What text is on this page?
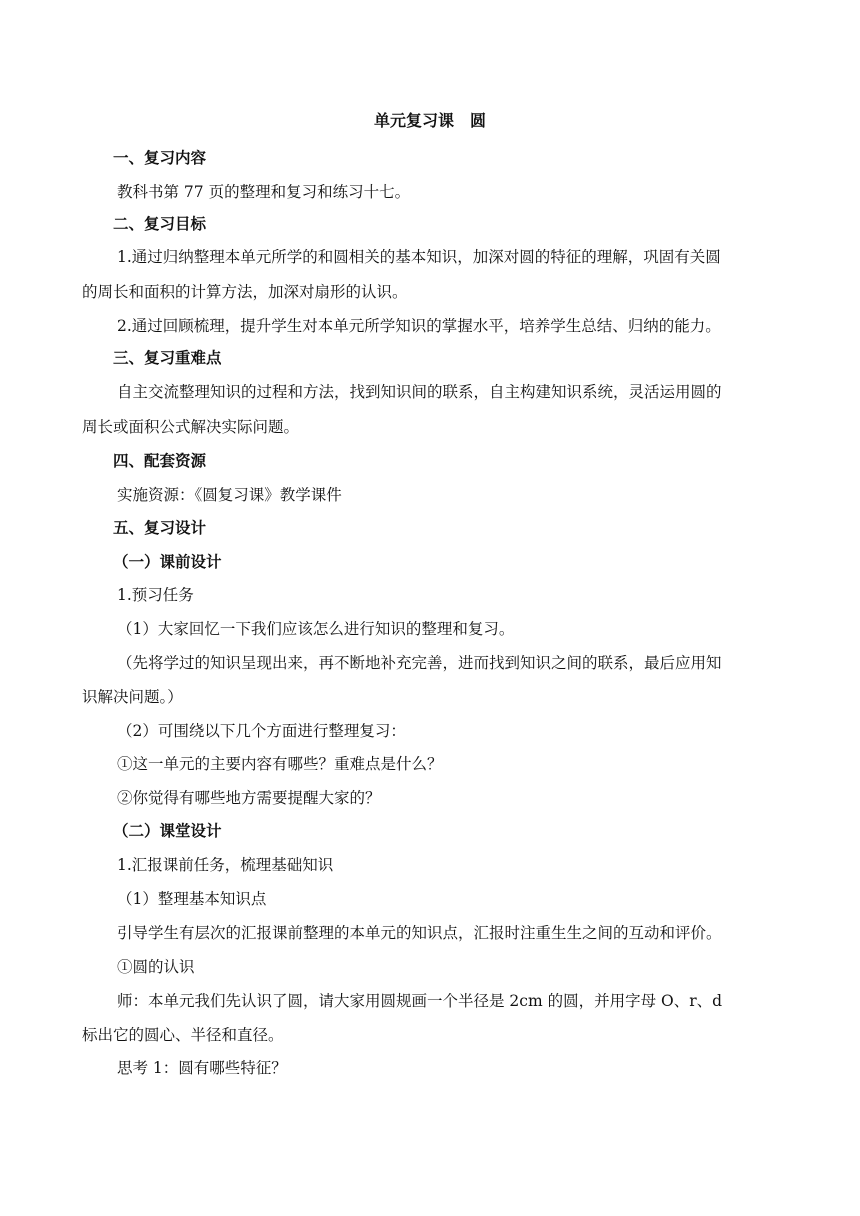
单元复习课　圆
一、复习内容
教科书第 77 页的整理和复习和练习十七。
二、复习目标
1.通过归纳整理本单元所学的和圆相关的基本知识，加深对圆的特征的理解，巩固有关圆
的周长和面积的计算方法，加深对扇形的认识。
2.通过回顾梳理，提升学生对本单元所学知识的掌握水平，培养学生总结、归纳的能力。
三、复习重难点
自主交流整理知识的过程和方法，找到知识间的联系，自主构建知识系统，灵活运用圆的
周长或面积公式解决实际问题。
四、配套资源
实施资源：《圆复习课》教学课件
五、复习设计
（一）课前设计
1.预习任务
（1）大家回忆一下我们应该怎么进行知识的整理和复习。
（先将学过的知识呈现出来，再不断地补充完善，进而找到知识之间的联系，最后应用知
识解决问题。）
（2）可围绕以下几个方面进行整理复习：
①这一单元的主要内容有哪些？重难点是什么？
②你觉得有哪些地方需要提醒大家的？
（二）课堂设计
1.汇报课前任务，梳理基础知识
（1）整理基本知识点
引导学生有层次的汇报课前整理的本单元的知识点，汇报时注重生生之间的互动和评价。
①圆的认识
师：本单元我们先认识了圆，请大家用圆规画一个半径是 2cm 的圆，并用字母 O、r、d
标出它的圆心、半径和直径。
思考 1：圆有哪些特征？
